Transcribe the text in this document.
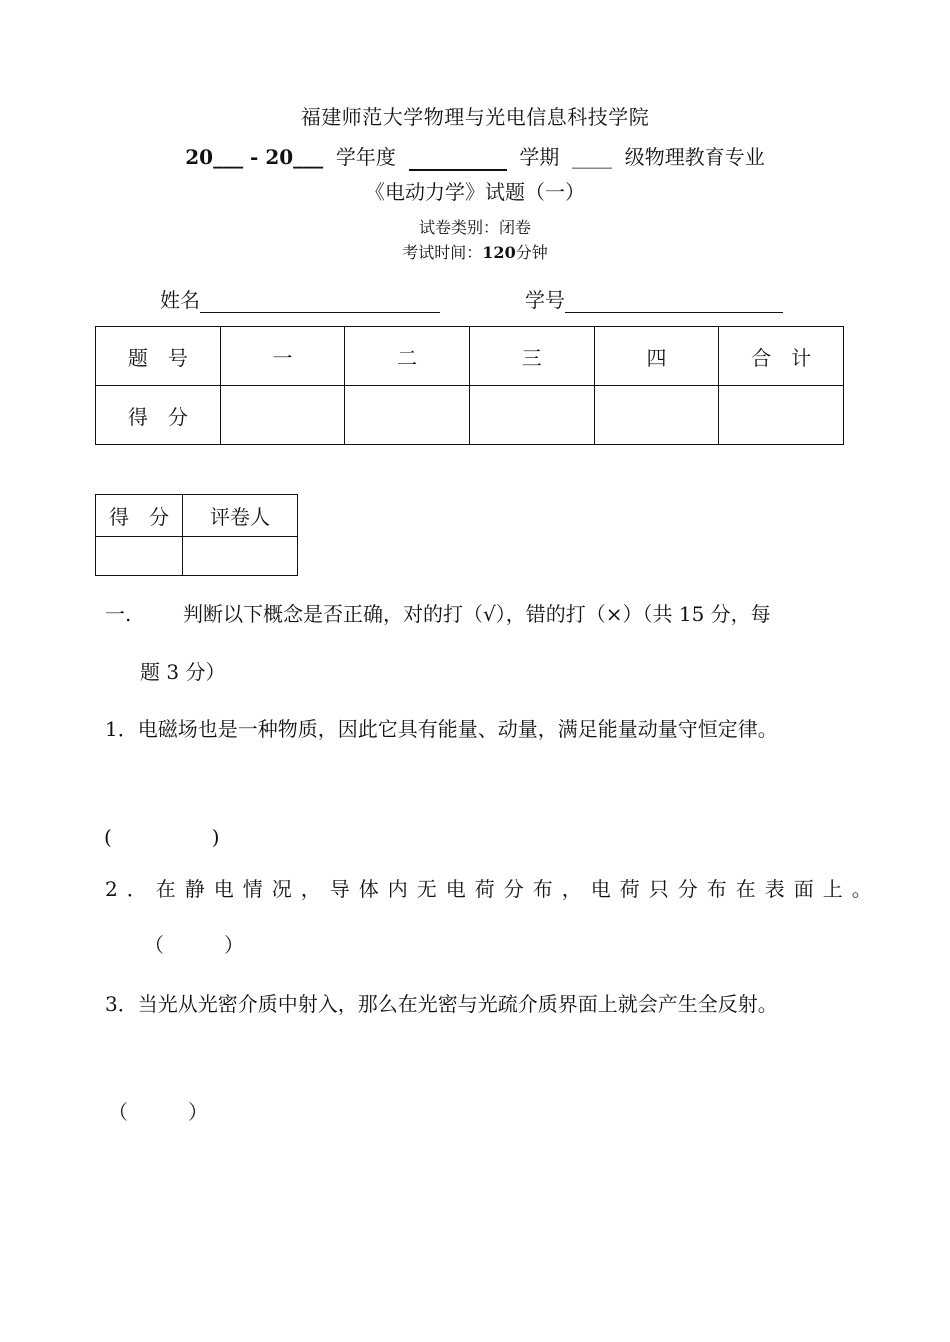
福建师范大学物理与光电信息科技学院
20___ - 20___ 学年度	学期 ____ 级物理教育专业
《电动力学》试题（一）
试卷类别：闭卷
考试时间：120分钟
姓名	学号
题　号	一	二	三	四	合　计
得　分					
得　分	评卷人

一.	判断以下概念是否正确，对的打（√），错的打（×）（共 15 分，每
题 3 分）
1．电磁场也是一种物质，因此它具有能量、动量，满足能量动量守恒定律。
(　　　　　)
2．在静电情况，导体内无电荷分布，电荷只分布在表面上。
（　　　）
3．当光从光密介质中射入，那么在光密与光疏介质界面上就会产生全反射。
（　　　）
